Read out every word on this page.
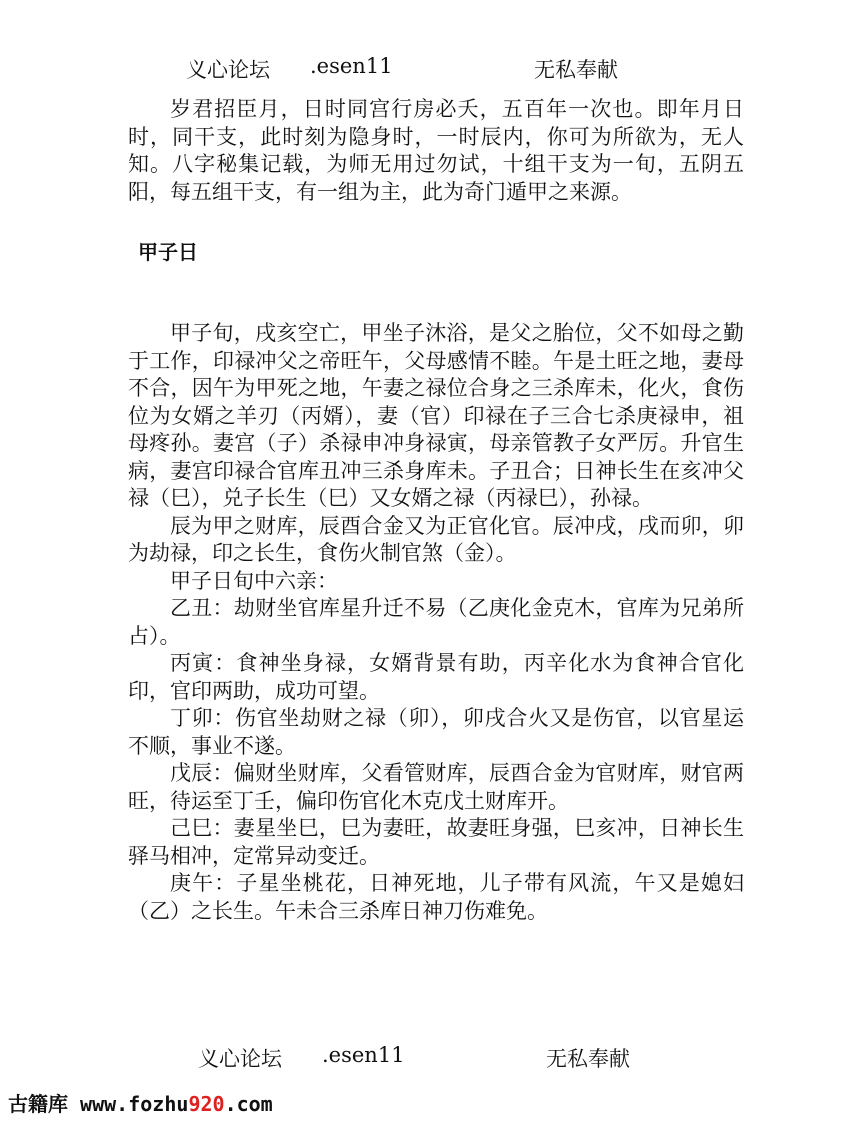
义心论坛 .esen11	无私奉献

岁君招臣月，日时同宫行房必夭，五百年一次也。即年月日时，同干支，此时刻为隐身时，一时辰内，你可为所欲为，无人知。八字秘集记载，为师无用过勿试，十组干支为一旬，五阴五阳，每五组干支，有一组为主，此为奇门遁甲之来源。

甲子日

甲子旬，戌亥空亡，甲坐子沐浴，是父之胎位，父不如母之勤于工作，印禄冲父之帝旺午，父母感情不睦。午是土旺之地，妻母不合，因午为甲死之地，午妻之禄位合身之三杀库未，化火，食伤位为女婿之羊刃（丙婿），妻（官）印禄在子三合七杀庚禄申，祖母疼孙。妻宫（子）杀禄申冲身禄寅，母亲管教子女严厉。升官生病，妻宫印禄合官库丑冲三杀身库未。子丑合；日神长生在亥冲父禄（巳），兑子长生（巳）又女婿之禄（丙禄巳），孙禄。

辰为甲之财库，辰酉合金又为正官化官。辰冲戌，戌而卯，卯为劫禄，印之长生，食伤火制官煞（金）。

甲子日旬中六亲：

乙丑：劫财坐官库星升迁不易（乙庚化金克木，官库为兄弟所占）。

丙寅：食神坐身禄，女婿背景有助，丙辛化水为食神合官化印，官印两助，成功可望。

丁卯：伤官坐劫财之禄（卯），卯戌合火又是伤官，以官星运不顺，事业不遂。

戊辰：偏财坐财库，父看管财库，辰酉合金为官财库，财官两旺，待运至丁壬，偏印伤官化木克戊土财库开。

己巳：妻星坐巳，巳为妻旺，故妻旺身强，巳亥冲，日神长生驿马相冲，定常异动变迁。

庚午：子星坐桃花，日神死地，儿子带有风流，午又是媳妇（乙）之长生。午未合三杀库日神刀伤难免。

义心论坛 .esen11	无私奉献
古籍库 www.fozhu920.com
